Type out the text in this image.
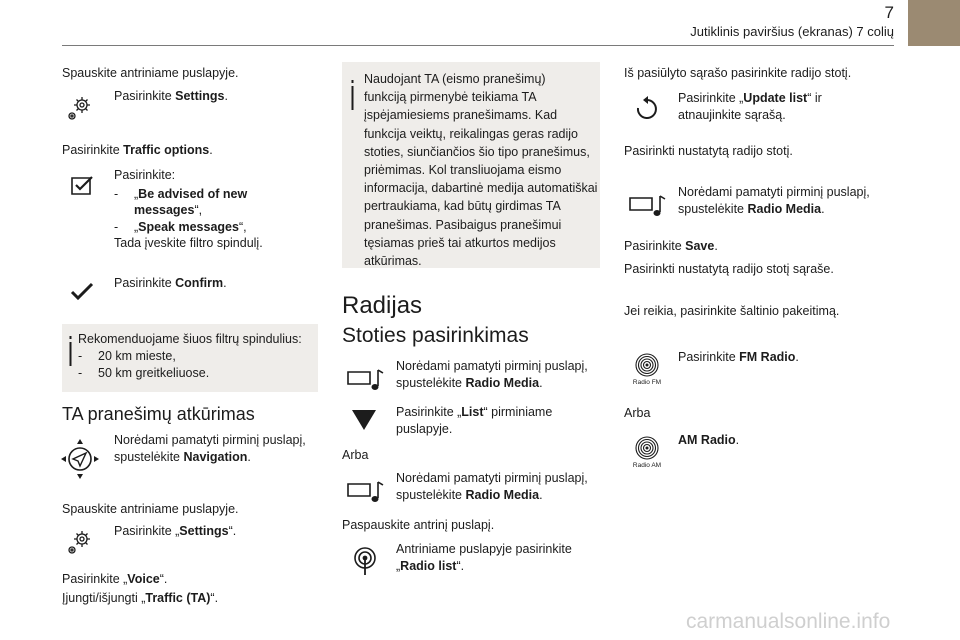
7
Jutiklinis paviršius (ekranas) 7 colių
Spauskite antriniame puslapyje.
Pasirinkite Settings.
Pasirinkite Traffic options.
Pasirinkite:
- „Be advised of new
messages“,
- „Speak messages“,
Tada įveskite filtro spindulį.
Pasirinkite Confirm.
Rekomenduojame šiuos filtrų spindulius:
- 20 km mieste,
- 50 km greitkeliuose.
TA pranešimų atkūrimas
Norėdami pamatyti pirminį puslapį,
spustelėkite Navigation.
Spauskite antriniame puslapyje.
Pasirinkite „Settings“.
Pasirinkite „Voice“.
Įjungti/išjungti „Traffic (TA)“.
Naudojant TA (eismo pranešimų)
funkciją pirmenybė teikiama TA
įspėjamiesiems pranešimams. Kad
funkcija veiktų, reikalingas geras radijo
stoties, siunčiančios šio tipo pranešimus,
priėmimas. Kol transliuojama eismo
informacija, dabartinė medija automatiškai
pertraukiama, kad būtų girdimas TA
pranešimas. Pasibaigus pranešimui
tęsiamas prieš tai atkurtos medijos
atkūrimas.
Radijas
Stoties pasirinkimas
Norėdami pamatyti pirminį puslapį,
spustelėkite Radio Media.
Pasirinkite „List“ pirminiame
puslapyje.
Arba
Norėdami pamatyti pirminį puslapį,
spustelėkite Radio Media.
Paspauskite antrinį puslapį.
Antriniame puslapyje pasirinkite
„Radio list“.
Iš pasiūlyto sąrašo pasirinkite radijo stotį.
Pasirinkite „Update list“ ir
atnaujinkite sąrašą.
Pasirinkti nustatytą radijo stotį.
Norėdami pamatyti pirminį puslapį,
spustelėkite Radio Media.
Pasirinkite Save.
Pasirinkti nustatytą radijo stotį sąraše.
Jei reikia, pasirinkite šaltinio pakeitimą.
Radio FM
Pasirinkite FM Radio.
Arba
Radio AM
AM Radio.
carmanualsonline.info
